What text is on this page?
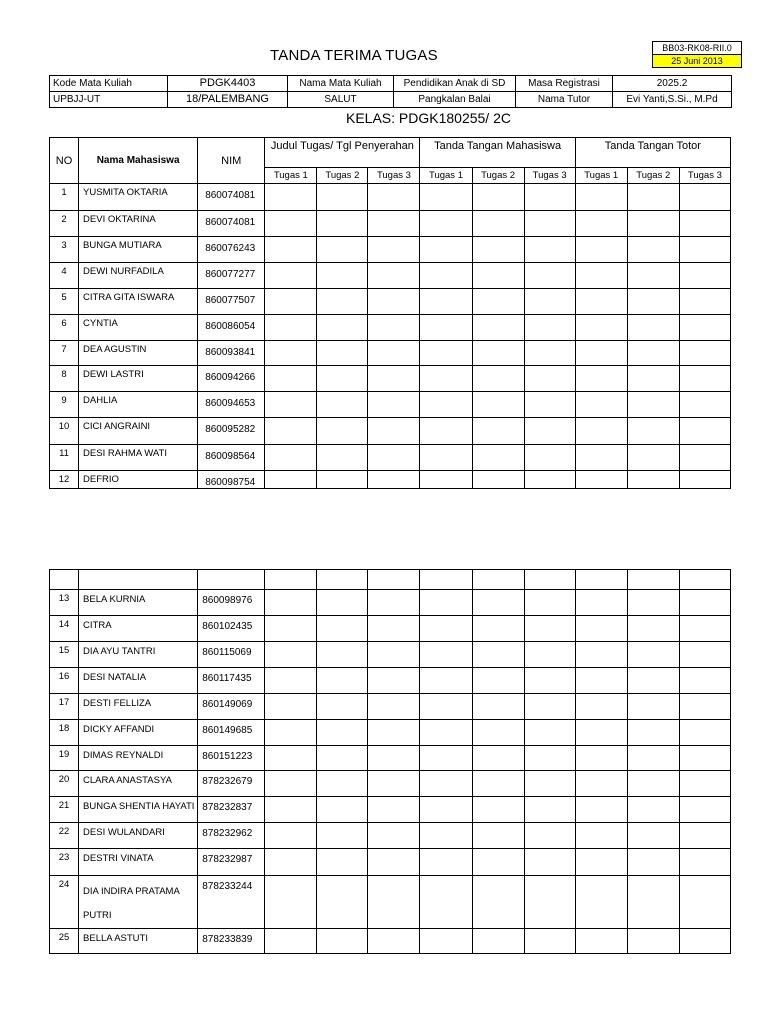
TANDA TERIMA TUGAS	BB03-RK08-RII.0
25 Juni 2013
Kode Mata Kuliah	PDGK4403	Nama Mata Kuliah	Pendidikan Anak di SD	Masa Registrasi	2025.2
UPBJJ-UT	18/PALEMBANG	SALUT	Pangkalan Balai	Nama Tutor	Evi Yanti,S.Si., M.Pd
KELAS: PDGK180255/ 2C
NO	Nama Mahasiswa	NIM	Judul Tugas/ Tgl Penyerahan			Tanda Tangan Mahasiswa			Tanda Tangan Totor		
			Tugas 1	Tugas 2	Tugas 3	Tugas 1	Tugas 2	Tugas 3	Tugas 1	Tugas 2	Tugas 3
1	YUSMITA OKTARIA	860074081									
2	DEVI OKTARINA	860074081									
3	BUNGA MUTIARA	860076243									
4	DEWI NURFADILA	860077277									
5	CITRA GITA ISWARA	860077507									
6	CYNTIA	860086054									
7	DEA AGUSTIN	860093841									
8	DEWI LASTRI	860094266									
9	DAHLIA	860094653									
10	CICI ANGRAINI	860095282									
11	DESI RAHMA WATI	860098564									
12	DEFRIO	860098754									

13	BELA KURNIA	860098976									
14	CITRA	860102435									
15	DIA AYU TANTRI	860115069									
16	DESI NATALIA	860117435									
17	DESTI FELLIZA	860149069									
18	DICKY AFFANDI	860149685									
19	DIMAS REYNALDI	860151223									
20	CLARA ANASTASYA	878232679									
21	BUNGA SHENTIA HAYATI	878232837									
22	DESI WULANDARI	878232962									
23	DESTRI VINATA	878232987									
24	DIA INDIRA PRATAMA PUTRI	878233244									
25	BELLA ASTUTI	878233839									
